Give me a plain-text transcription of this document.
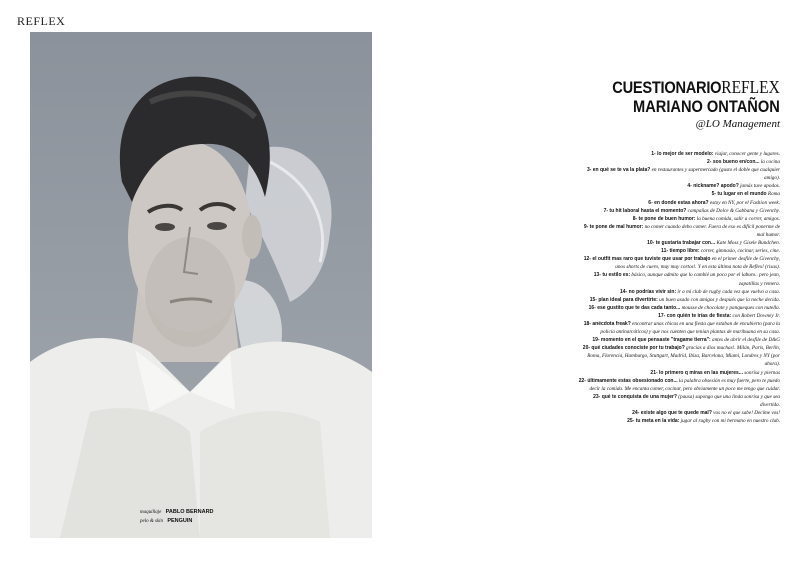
REFLEX
maquillaje PABLO BERNARD
pelo & skin PENGUIN
CUESTIONARIOREFLEX
MARIANO ONTAÑON
@LO Management

1- lo mejor de ser modelo: viajar, conocer gente y lugares.

2- sos bueno en/con... la cocina

3- en qué se te va la plata? en restaurantes y supermercado (gusto el doble que cualquier amigo).

4- nickname? apodo? jamás tuve apodos.

5- tu lugar en el mundo Roma

6- en donde estas ahora? estoy en NY, por el Fashion week.

7- tu hit laboral hasta el momento? campañas de Dolce & Gabbana y Givenchy.

8- te pone de buen humor: la buena comida, salir a correr, amigos.

9- te pone de mal humor: no comer cuando debo comer. Fuera de eso es difícil ponerme de mal humor.

10- te gustaría trabajar con... Kate Moss y Gisele Bundchen.

11- tiempo libre: correr, gimnasio, cocinar, series, cine.

12- el outfit mas raro que tuviste que usar por trabajo en el primer desfile de Givenchy, unos shorts de cuero, muy muy cortos!. Y en esta última nota de Reflex! (risas).

13- tu estilo es: básico, aunque admito que lo cambié un poco por el laburo.. pero jean, zapatillas y remera.

14- no podrías vivir sin: ir a mi club de rugby cada vez que vuelvo a casa.

15- plan ideal para divertirte: un buen asado con amigos y después que la noche decida.

16- ese gustito que te das cada tanto... mousse de chocolate y panqueques con nutella.

17- con quién te irías de fiesta: con Robert Downey Jr.

18- anécdota freak? encontrar unas chicas en una fiesta que estaban de encubierto (para la policía antinarcóticos) y que nos cuenten que tenían plantas de marihuana en su casa.

19- momento en el que pensaste "tragame tierra": antes de abrir el desfile de D&G

20- qué ciudades conociste por tu trabajo? gracias a dios muchas!. Milán, París, Berlín, Roma, Florencia, Hamburgo, Stuttgart, Madrid, Ibiza, Barcelona, Miami, Londres y NY (por ahora).

21- lo primero q miras en las mujeres... sonrisa y piernas

22- últimamente estas obsesionado con... la palabra obsesión es muy fuerte, pero te puedo decir la comida. Me encanta comer, cocinar, pero obviamente un poco me tengo que cuidar.

23- qué te conquista de una mujer? (pausa) supongo que una linda sonrisa y que sea divertida.

24- existe algo que te quede mal? vos no el que sabe! Decíme vos!

25- tu meta en la vida: jugar al rugby con mi hermano en nuestro club.
